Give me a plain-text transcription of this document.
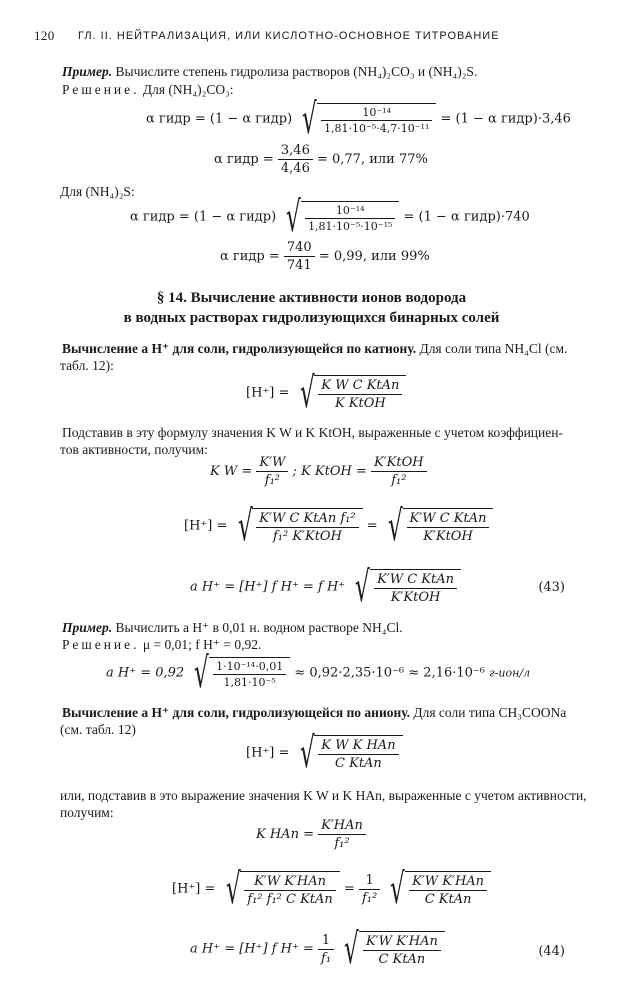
120 ГЛ. II. НЕЙТРАЛИЗАЦИЯ, ИЛИ КИСЛОТНО-ОСНОВНОЕ ТИТРОВАНИЕ
Пример. Вычислите степень гидролиза растворов (NH₄)₂CO₃ и (NH₄)₂S.
Решение. Для (NH₄)₂CO₃:
α гидр = (1 − α гидр) √ $\frac{\text{10⁻¹⁴}}{\text{1,81·10⁻⁵·4,7·10⁻¹¹}} = (1 - \alpha$ гидр)·3,46
α гидр = $\frac{3,46}{4,46} = 0,77$, или 77%
Для (NH₄)₂S:
α гидр = (1 − α гидр) √ $\frac{\text{10⁻¹⁴}}{\text{1,81·10⁻⁵·10⁻¹⁵}} = (1 - \alpha$ гидр)·740
α гидр = $\frac{740}{741} = 0,99$, или 99%
§ 14. Вычисление активности ионов водорода
в водных растворах гидролизующихся бинарных солей
Вычисление a H⁺ для соли, гидролизующейся по катиону. Для соли типа NH₄Cl (см.
табл. 12):
[H⁺] = √ $\frac{\text{K W C KtAn}}{\text{K KtOH}}$
Подставив в эту формулу значения K W и K KtOH, выраженные с учетом коэффициен-
тов активности, получим:
K $W = \frac{K'W}{\text{f₁²}}$ ; K KtOH = $\frac{\text{K′KtOH}}{\text{f₁²}}$
[H⁺] = √ $\frac{\text{K′W C KtAn f₁²}}{\text{f₁² K′KtOH}}$ = √ $\frac{\text{K′W C KtAn}}{\text{K′KtOH}}$
a H⁺ = [H⁺] f H⁺ = f H⁺ √ $\frac{\text{K′W C KtAn}}{\text{K′KtOH}}$	(43)
Пример. Вычислить a H⁺ в 0,01 н. водном растворе NH₄Cl.
Решение. μ = 0,01; f H⁺ = 0,92.
a H⁺ = 0,92 √ $\frac{\text{1·10⁻¹⁴·0,01}}{\text{1,81·10⁻⁵}} \approx 0,92\cdot 2,35\cdot 10^{-6} \approx 2,16\cdot 10^{-6}$ г-ион/л
Вычисление a H⁺ для соли, гидролизующейся по аниону. Для соли типа CH₃COONa
(см. табл. 12)
[H⁺] = √ $\frac{\text{K W K HAn}}{\text{C KtAn}}$
или, подставив в это выражение значения K W и K HAn, выраженные с учетом активности,
получим:
K HAn = $\frac{\text{K′HAn}}{\text{f₁²}}$
[H⁺] = √ $\frac{\text{K′W K′HAn}}{\text{f₁² f₁² C KtAn}} = \frac{1}{\text{f₁²}}$ √ $\frac{\text{K′W K′HAn}}{\text{C KtAn}}$
a H⁺ = [H⁺] f $H^+ = \frac{1}{\text{f₁}}$ √ $\frac{\text{K′W K′HAn}}{\text{C KtAn}}$	(44)
